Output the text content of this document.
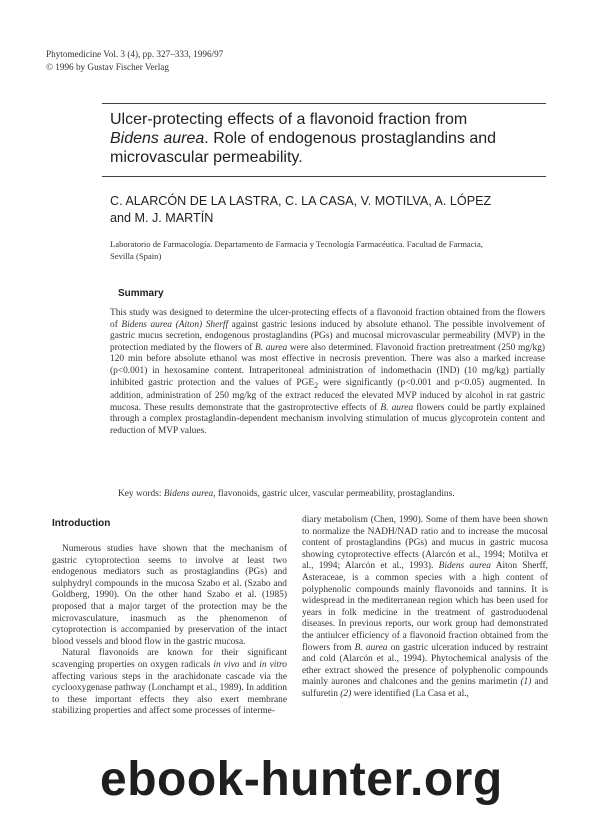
Phytomedicine Vol. 3 (4), pp. 327–333, 1996/97
© 1996 by Gustav Fischer Verlag
Ulcer-protecting effects of a flavonoid fraction from
Bidens aurea. Role of endogenous prostaglandins and
microvascular permeability.
C. ALARCÓN DE LA LASTRA, C. LA CASA, V. MOTILVA, A. LÓPEZ
and M. J. MARTÍN
Laboratorio de Farmacología. Departamento de Farmacia y Tecnología Farmacéutica. Facultad de Farmacia,
Sevilla (Spain)
Summary
This study was designed to determine the ulcer-protecting effects of a flavonoid fraction obtained from the flowers of Bidens aurea (Aiton) Sherff against gastric lesions induced by absolute ethanol. The possible involvement of gastric mucus secretion, endogenous prostaglandins (PGs) and mucosal microvascular permeability (MVP) in the protection mediated by the flowers of B. aurea were also determined. Flavonoid fraction pretreatment (250 mg/kg) 120 min before absolute ethanol was most effective in necrosis prevention. There was also a marked increase (p<0.001) in hexosamine content. Intraperitoneal administration of indomethacin (IND) (10 mg/kg) partially inhibited gastric protection and the values of $PGE_2$ were significantly (p<0.001 and p<0.05) augmented. In addition, administration of 250 mg/kg of the extract reduced the elevated MVP induced by alcohol in rat gastric mucosa. These results demonstrate that the gastroprotective effects of B. aurea flowers could be partly explained through a complex prostaglandin-dependent mechanism involving stimulation of mucus glycoprotein content and reduction of MVP values.
Key words: Bidens aurea, flavonoids, gastric ulcer, vascular permeability, prostaglandins.
Introduction

Numerous studies have shown that the mechanism of gastric cytoprotection seems to involve at least two endogenous mediators such as prostaglandins (PGs) and sulphydryl compounds in the mucosa Szabo et al. (Szabo and Goldberg, 1990). On the other hand Szabo et al. (1985) proposed that a major target of the protection may be the microvasculature, inasmuch as the phenomenon of cytoprotection is accompanied by preservation of the intact blood vessels and blood flow in the gastric mucosa.

Natural flavonoids are known for their significant scavenging properties on oxygen radicals in vivo and in vitro affecting various steps in the arachidonate cascade via the cyclooxygenase pathway (Lonchampt et al., 1989). In addition to these important effects they also exert membrane stabilizing properties and affect some processes of interme-

diary metabolism (Chen, 1990). Some of them have been shown to normalize the NADH/NAD ratio and to increase the mucosal content of prostaglandins (PGs) and mucus in gastric mucosa showing cytoprotective effects (Alarcón et al., 1994; Motilva et al., 1994; Alarcón et al., 1993). Bidens aurea Aiton Sherff, Asteraceae, is a common species with a high content of polyphenolic compounds mainly flavonoids and tannins. It is widespread in the mediterranean region which has been used for years in folk medicine in the treatment of gastroduodenal diseases. In previous reports, our work group had demonstrated the antiulcer efficiency of a flavonoid fraction obtained from the flowers from B. aurea on gastric ulceration induced by restraint and cold (Alarcón et al., 1994). Phytochemical analysis of the ether extract showed the presence of polyphenolic compounds mainly aurones and chalcones and the genins marimetin (1) and sulfuretin (2) were identified (La Casa et al.,

ebook-hunter.org
